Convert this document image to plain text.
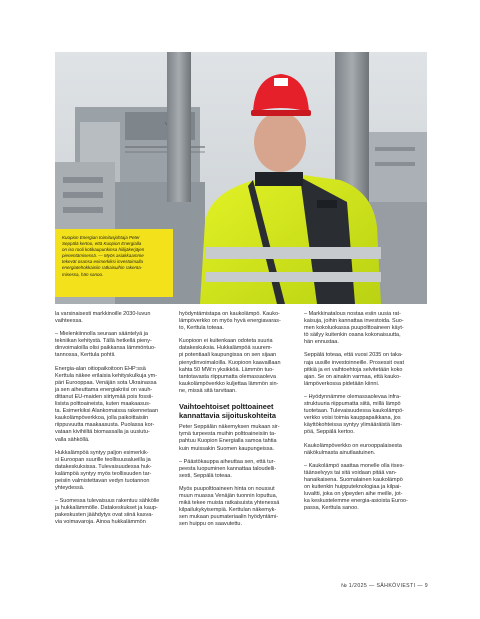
Kuopion Energian toimitusjohtaja Peter
Seppälä kertoo, että Kuopion Energialla
on iso rooli kotikaupunkinsa hiilijäkerjäjen
pienentämisessä. — Myös asiakkaamme
tekevät osansa esimerkiksi investoimalla
energiatehokkaisiin ratkaisuihin rakenta-
misessa, hän sanoo.

la varsinaisesti markkinoille 2030-luvun
vaihteessa.

– Mielenkiinnolla seuraan sääntelyä ja
tekniikan kehitystä. Tällä hetkellä pieny-
dinvoimaloilla olisi paikkansa lämmöntuo-
tannossa, Kerttula pohtii.

Energia-alan oitiopaikoitoon EHP:ssä
Kerttula näkee erilaisia kehityskulkuja ym-
päri Eurooppaa. Venäjän sota Ukrainassa
ja sen aiheuttama energiakriisi on vauh-
dittanut EU-maiden siirtymää pois fossii-
lisista polttoaineista, kuten maakaasus-
ta. Esimerkiksi Alankomaissa rakennetaan
kaukolämpöverkkoa, jolla paikoittaisiin
riippuvuutta maakaasusta. Puolassa kor-
vataan kivihiiltä biomassalla ja uusiutu-
valla sähköllä.

Hukkalämpöä syntyy paljon esimerkik-
si Euroopan suurille teollisuusalueilla ja
datakeskuksissa. Tulevaisuudessa huk-
kalämpöä syntyy myös teollisuuden tar-
peisiin valmistettavan vedyn tuotannon
yhteydessä.

– Suomessa tulevaisuus rakentuu sähkölle
ja hukkalämmölle. Datakeskukset ja kaup-
pakeskusten jäähdytys ovat siinä kasva-
via voimavaroja. Ainoa hukkalämmön

hyödyntämistapa on kaukolämpö. Kauko-
lämpöverkko on myös hyvä energiavaras-
to, Kerttula toteaa.

Kuopioon ei kuitenkaan odoteta suuria
datakeskuksia. Hukkalämpöä suurem-
pi potentiaali kaupungissa on sen sijaan
pienydinvoimaloilla. Kuopioon kaavaillaan
kahta 50 MW:n yksikköä. Lämmön tuo-
tantotavasta riippumatta olemassaoleva
kaukolämpöverkko kuljettaa lämmön sin-
ne, missä sitä tarvitaan.

Vaihtoehtoiset polttoaineet
kannattavia sijoituskohteita

Peter Seppälän näkemyksen mukaan sir-
tymä turpeesta muihin polttoaineisiin ta-
pahtuu Kuopion Energialla samoa tahtia
kuin muissakin Suomen kaupungeissa.

– Päästökauppa aiheuttaa sen, että tur-
peesta luopuminen kannattaa taloudelli-
sesti, Seppälä toteaa.

Myös puupolttoaineen hinta on noussut
muun muassa Venäjän tuonnin loputtua,
mikä tekee muista ratkaisuista yhtenessä
kilpailukykyisempiä. Kerttulan näkemyk-
sen mukaan puumateriaalin hyödyntämi-
sen huippu on saavutettu.

– Markkinatalous nostaa esiin uusia rat-
kaisuja, joihin kannattaa investoida. Suo-
men kokoluokassa puupolttoaineen käyt-
tö säilyy kuitenkin osana kokonaisuutta,
hän ennustaa.

Seppälä toteaa, että vuosi 2035 on taka-
raja uusille investoinneille. Prosessit ovat
pitkiä ja eri vaihtoehtoja selvitetään koko
ajan. Se on ainakin varmaa, että kauko-
lämpöverkossa pidetään kiinni.

– Hyödynnämme olemassaolevaa infra-
struktuuria riippumatta siitä, millä lämpö
tuotetaan. Tulevaisuudessa kaukolämpö-
verkko voisi toimia kauppapaikkana, jos
käyttökohteissa syntyy ylimääräistä läm-
pöä, Seppälä kertoo.

Kaukolämpöverkko on eurooppalaisesta
näkökulmasta ainutlaatuinen.

– Kaukolämpö saattaa monelle olla itses-
täänselvyys tai sitä voidaan pitää van-
hanaikaisena. Suomalainen kaukolämpö
on kuitenkin huipputeknologiaa ja kilpai-
luvaltti, joka on ylpeyden aihe meille, jot-
ka keskustelemme energia-asioista Euroo-
passa, Kerttula sanoo.

№ 1/2025 — SÄHKÖVIESTI — 9
